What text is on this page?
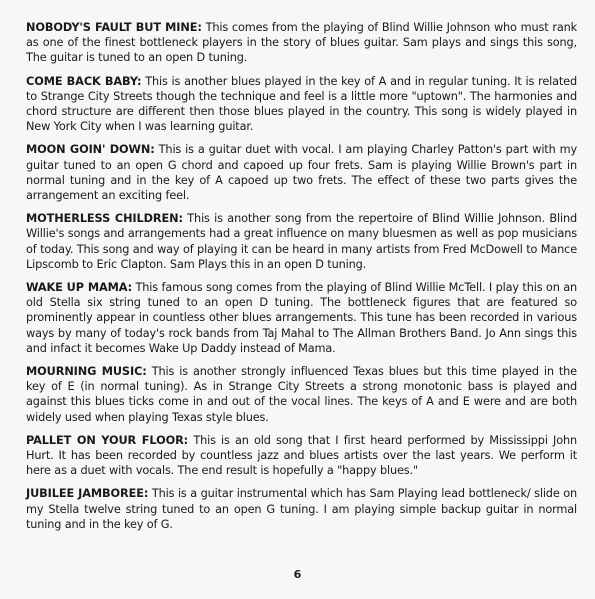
NOBODY'S FAULT BUT MINE: This comes from the playing of Blind Willie Johnson who must rank as one of the finest bottleneck players in the story of blues guitar. Sam plays and sings this song, The guitar is tuned to an open D tuning.

COME BACK BABY: This is another blues played in the key of A and in regular tuning. It is related to Strange City Streets though the technique and feel is a little more "uptown". The harmonies and chord structure are different then those blues played in the country. This song is widely played in New York City when I was learning guitar.

MOON GOIN' DOWN: This is a guitar duet with vocal. I am playing Charley Patton's part with my guitar tuned to an open G chord and capoed up four frets. Sam is playing Willie Brown's part in normal tuning and in the key of A capoed up two frets. The effect of these two parts gives the arrangement an exciting feel.

MOTHERLESS CHILDREN: This is another song from the repertoire of Blind Willie Johnson. Blind Willie's songs and arrangements had a great influence on many bluesmen as well as pop musicians of today. This song and way of playing it can be heard in many artists from Fred McDowell to Mance Lipscomb to Eric Clapton. Sam Plays this in an open D tuning.

WAKE UP MAMA: This famous song comes from the playing of Blind Willie McTell. I play this on an old Stella six string tuned to an open D tuning. The bottleneck figures that are featured so prominently appear in countless other blues arrangements. This tune has been recorded in various ways by many of today's rock bands from Taj Mahal to The Allman Brothers Band. Jo Ann sings this and infact it becomes Wake Up Daddy instead of Mama.

MOURNING MUSIC: This is another strongly influenced Texas blues but this time played in the key of E (in normal tuning). As in Strange City Streets a strong monotonic bass is played and against this blues ticks come in and out of the vocal lines. The keys of A and E were and are both widely used when playing Texas style blues.

PALLET ON YOUR FLOOR: This is an old song that I first heard performed by Mississippi John Hurt. It has been recorded by countless jazz and blues artists over the last years. We perform it here as a duet with vocals. The end result is hopefully a "happy blues."

JUBILEE JAMBOREE: This is a guitar instrumental which has Sam Playing lead bottleneck/ slide on my Stella twelve string tuned to an open G tuning. I am playing simple backup guitar in normal tuning and in the key of G.

6
